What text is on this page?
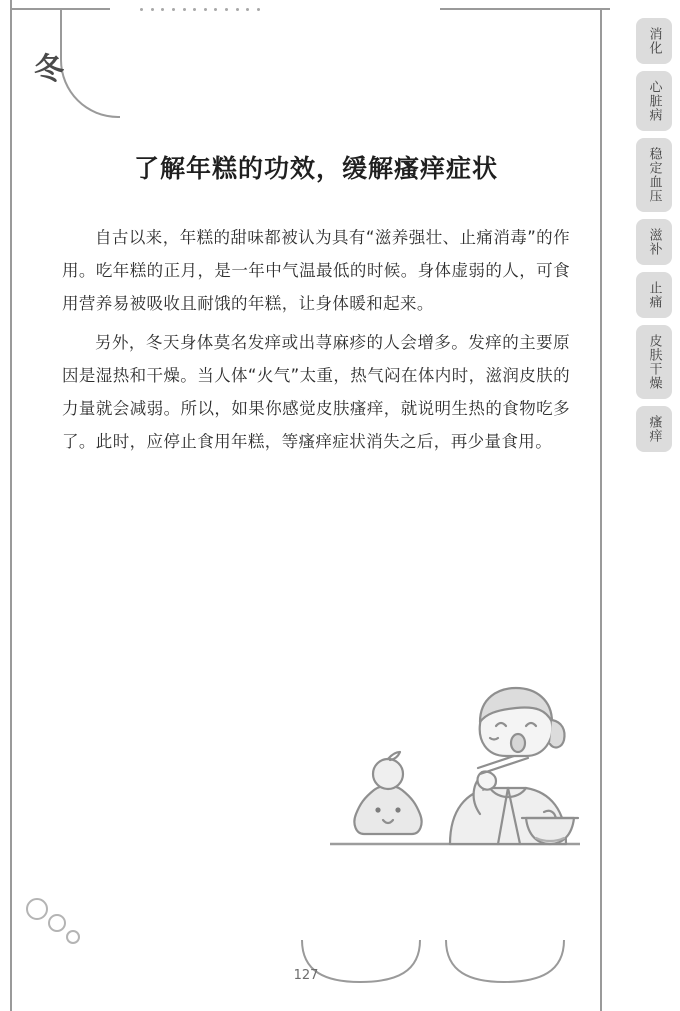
冬
消化
心脏病
稳定血压
滋补
止痛
皮肤干燥
瘙痒
了解年糕的功效，缓解瘙痒症状

自古以来，年糕的甜味都被认为具有“滋养强壮、止痛消毒”的作用。吃年糕的正月，是一年中气温最低的时候。身体虚弱的人，可食用营养易被吸收且耐饿的年糕，让身体暖和起来。

另外，冬天身体莫名发痒或出荨麻疹的人会增多。发痒的主要原因是湿热和干燥。当人体“火气”太重，热气闷在体内时，滋润皮肤的力量就会减弱。所以，如果你感觉皮肤瘙痒，就说明生热的食物吃多了。此时，应停止食用年糕，等瘙痒症状消失之后，再少量食用。

127
